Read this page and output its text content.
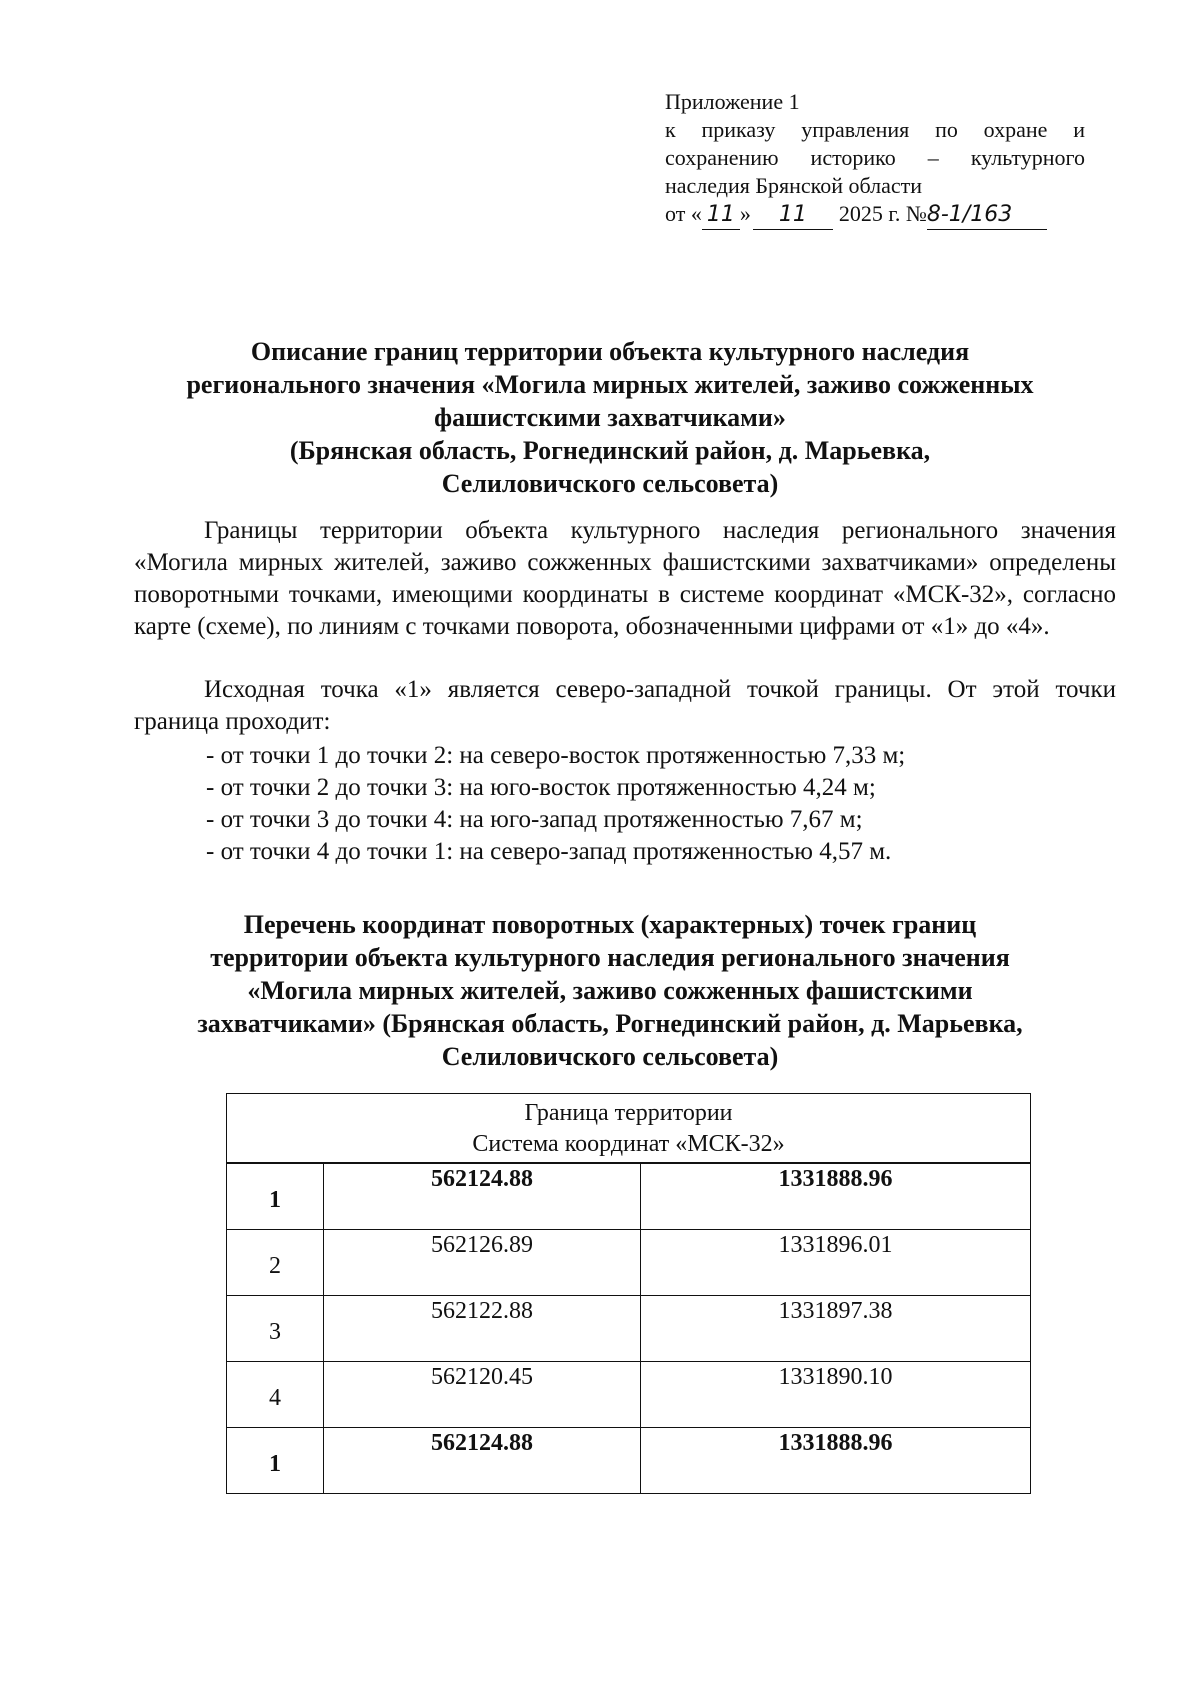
Приложение 1
к приказу управления по охране и
сохранению историко – культурного
наследия Брянской области
от « 11 » 11 2025 г. №8-1/163
Описание границ территории объекта культурного наследия
регионального значения «Могила мирных жителей, заживо сожженных
фашистскими захватчиками»
(Брянская область, Рогнединский район, д. Марьевка,
Селиловичского сельсовета)

Границы территории объекта культурного наследия регионального значения «Могила мирных жителей, заживо сожженных фашистскими захватчиками» определены поворотными точками, имеющими координаты в системе координат «МСК-32», согласно карте (схеме), по линиям с точками поворота, обозначенными цифрами от «1» до «4».

Исходная точка «1» является северо-западной точкой границы. От этой точки граница проходит:

- от точки 1 до точки 2: на северо-восток протяженностью 7,33 м;
- от точки 2 до точки 3: на юго-восток протяженностью 4,24 м;
- от точки 3 до точки 4: на юго-запад протяженностью 7,67 м;
- от точки 4 до точки 1: на северо-запад протяженностью 4,57 м.
Перечень координат поворотных (характерных) точек границ
территории объекта культурного наследия регионального значения
«Могила мирных жителей, заживо сожженных фашистскими
захватчиками» (Брянская область, Рогнединский район, д. Марьевка,
Селиловичского сельсовета)
Граница территории
Система координат «МСК-32»		

1	562124.88	1331888.96
2	562126.89	1331896.01
3	562122.88	1331897.38
4	562120.45	1331890.10
1	562124.88	1331888.96
